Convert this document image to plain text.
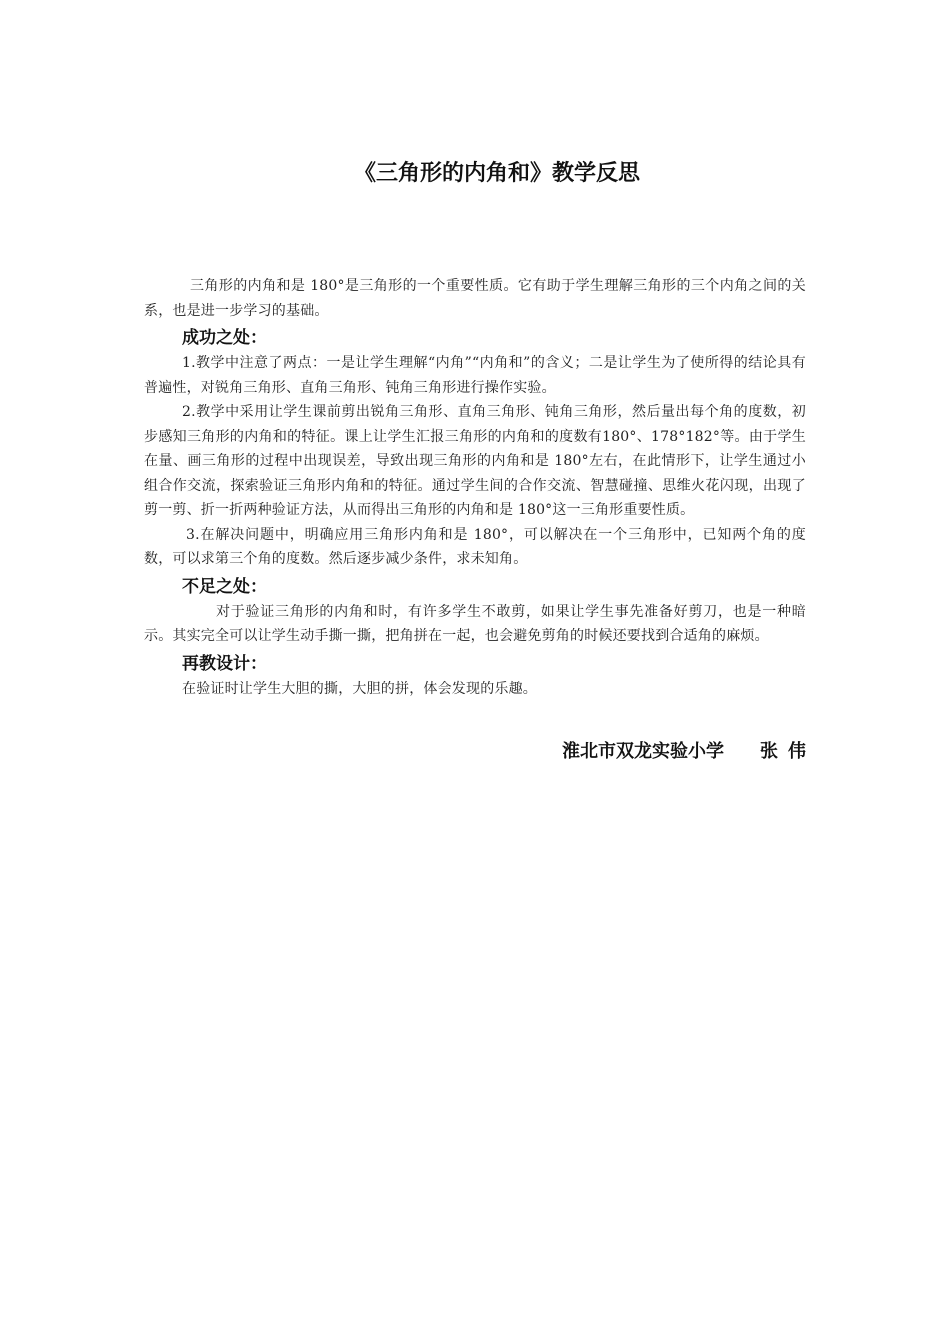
《三角形的内角和》教学反思

三角形的内角和是 180°是三角形的一个重要性质。它有助于学生理解三角形的三个内角之间的关系，也是进一步学习的基础。

成功之处：

1.教学中注意了两点：一是让学生理解“内角”“内角和”的含义；二是让学生为了使所得的结论具有普遍性，对锐角三角形、直角三角形、钝角三角形进行操作实验。

2.教学中采用让学生课前剪出锐角三角形、直角三角形、钝角三角形，然后量出每个角的度数，初步感知三角形的内角和的特征。课上让学生汇报三角形的内角和的度数有180°、178°182°等。由于学生在量、画三角形的过程中出现误差，导致出现三角形的内角和是 180°左右，在此情形下，让学生通过小组合作交流，探索验证三角形内角和的特征。通过学生间的合作交流、智慧碰撞、思维火花闪现，出现了剪一剪、折一折两种验证方法，从而得出三角形的内角和是 180°这一三角形重要性质。

3.在解决问题中，明确应用三角形内角和是 180°，可以解决在一个三角形中，已知两个角的度数，可以求第三个角的度数。然后逐步减少条件，求未知角。

不足之处：

对于验证三角形的内角和时，有许多学生不敢剪，如果让学生事先准备好剪刀，也是一种暗示。其实完全可以让学生动手撕一撕，把角拼在一起，也会避免剪角的时候还要找到合适角的麻烦。

再教设计：

在验证时让学生大胆的撕，大胆的拼，体会发现的乐趣。

淮北市双龙实验小学 张 伟
